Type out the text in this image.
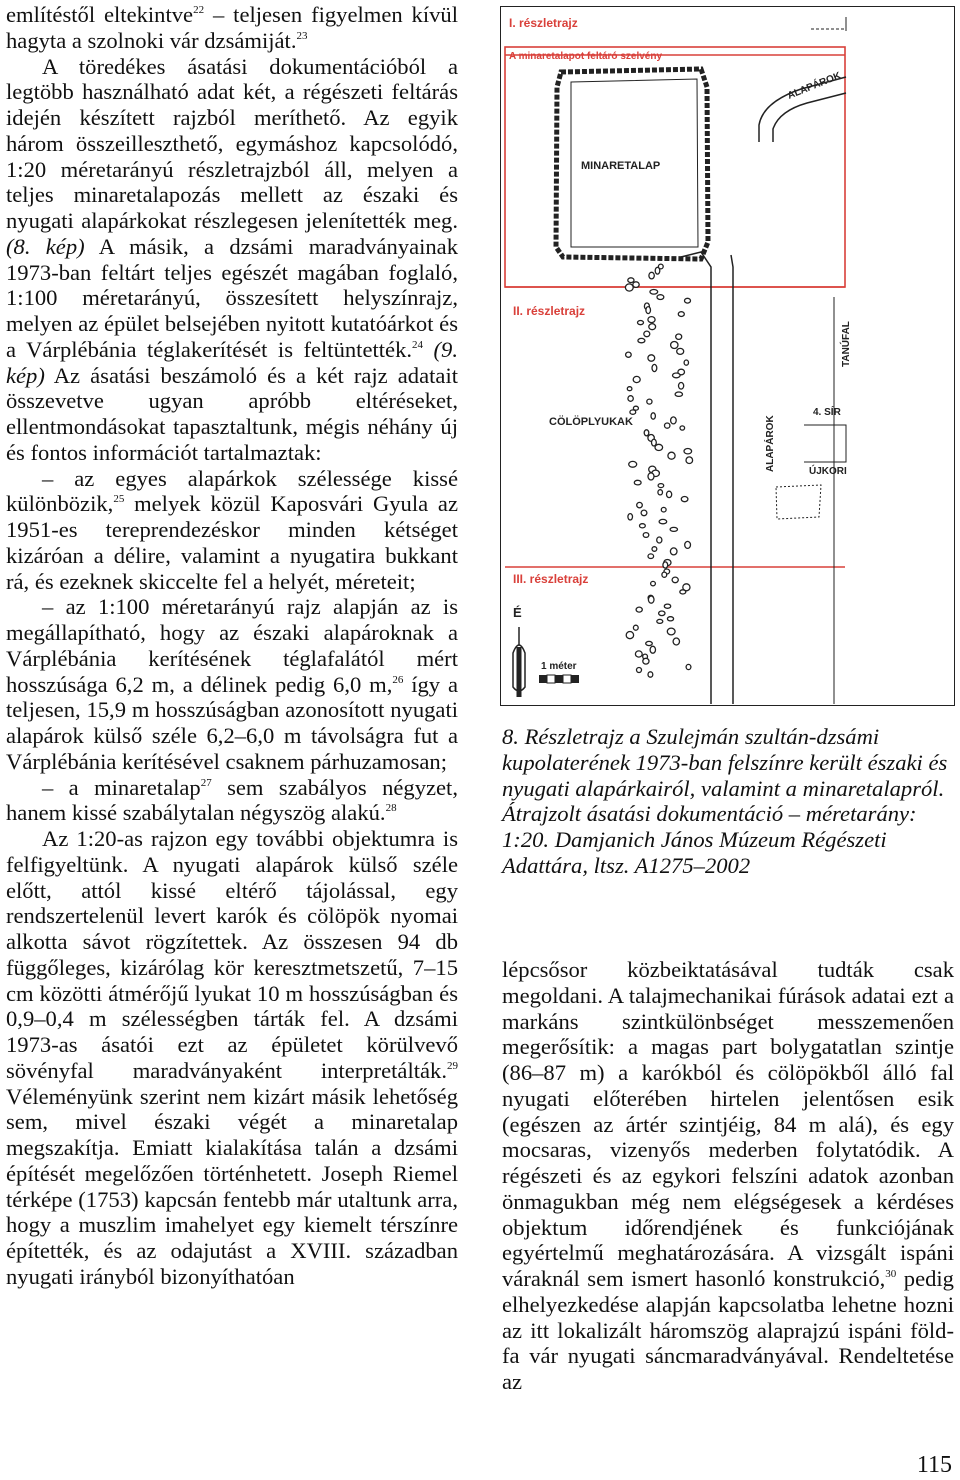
említéstől eltekintve$^{22}$ – teljesen figyelmen kívül hagyta a szolnoki vár dzsámiját.$^{23}$

A töredékes ásatási dokumentációból a legtöbb használható adat két, a régészeti feltárás idején készített rajzból meríthető. Az egyik három összeilleszthető, egymáshoz kapcsolódó, 1:20 méretarányú részletrajzból áll, melyen a teljes minaretalapozás mellett az északi és nyugati alapárkokat részlegesen jelenítették meg. (8. kép) A másik, a dzsámi maradványainak 1973-ban feltárt teljes egészét magában foglaló, 1:100 méretarányú, összesített helyszínrajz, melyen az épület belsejében nyitott kutatóárkot és a Várplébánia téglakerítését is feltüntették.$^{24}$ (9. kép) Az ásatási beszámoló és a két rajz adatait összevetve ugyan apróbb eltéréseket, ellentmondásokat tapasztaltunk, mégis néhány új és fontos információt tartalmaztak:

– az egyes alapárkok szélessége kissé különbözik,$^{25}$ melyek közül Kaposvári Gyula az 1951-es tereprendezéskor minden kétséget kizáróan a délire, valamint a nyugatira bukkant rá, és ezeknek skiccelte fel a helyét, méreteit;

– az 1:100 méretarányú rajz alapján az is megállapítható, hogy az északi alapároknak a Várplébánia kerítésének téglafalától mért hosszúsága 6,2 m, a délinek pedig 6,0 m,$^{26}$ így a teljesen, 15,9 m hosszúságban azonosított nyugati alapárok külső széle 6,2–6,0 m távolságra fut a Várplébánia kerítésével csaknem párhuzamosan;

– a minaretalap$^{27}$ sem szabályos négyzet, hanem kissé szabálytalan négyszög alakú.$^{28}$

Az 1:20-as rajzon egy további objektumra is felfigyeltünk. A nyugati alapárok külső széle előtt, attól kissé eltérő tájolással, egy rendszertelenül levert karók és cölöpök nyomai alkotta sávot rögzítettek. Az összesen 94 db függőleges, kizárólag kör keresztmetszetű, 7–15 cm közötti átmérőjű lyukat 10 m hosszúságban és 0,9–0,4 m szélességben tárták fel. A dzsámi 1973-as ásatói ezt az épületet körülvevő sövényfal maradványaként interpretálták.$^{29}$ Véleményünk szerint nem kizárt másik lehetőség sem, mivel északi végét a minaretalap megszakítja. Emiatt kialakítása talán a dzsámi építését megelőzően történhetett. Joseph Riemel térképe (1753) kapcsán fentebb már utaltunk arra, hogy a muszlim imahelyet egy kiemelt térszínre építették, és az odajutást a XVIII. században nyugati irányból bizonyíthatóan

I. részletrajz
A minaretalapot feltáró szelvény
II. részletrajz
III. részletrajz
MINARETALAP
ALAPÁROK
CÖLÖPLYUKAK	ALAPÁROK
TANÚFAL
4. SÍR
ÚJKORI
É
1 méter

8. Részletrajz a Szulejmán szultán-dzsámi kupolaterének 1973-ban felszínre került északi és nyugati alapárkairól, valamint a minaretalapról. Átrajzolt ásatási dokumentáció – méretarány: 1:20. Damjanich János Múzeum Régészeti Adattára, ltsz. A1275–2002

lépcsősor közbeiktatásával tudták csak megoldani. A talajmechanikai fúrások adatai ezt a markáns szintkülönbséget messzemenően megerősítik: a magas part bolygatatlan szintje (86–87 m) a karókból és cölöpökből álló fal nyugati előterében hirtelen jelentősen esik (egészen az ártér szintjéig, 84 m alá), és egy mocsaras, vizenyős mederben folytatódik. A régészeti és az egykori felszíni adatok azonban önmagukban még nem elégségesek a kérdéses objektum időrendjének és funkciójának egyértelmű meghatározására. A vizsgált ispáni váraknál sem ismert hasonló konstrukció,$^{30}$ pedig elhelyezkedése alapján kapcsolatba lehetne hozni az itt lokalizált háromszög alaprajzú ispáni föld-fa vár nyugati sáncmaradványával. Rendeltetése az

115
